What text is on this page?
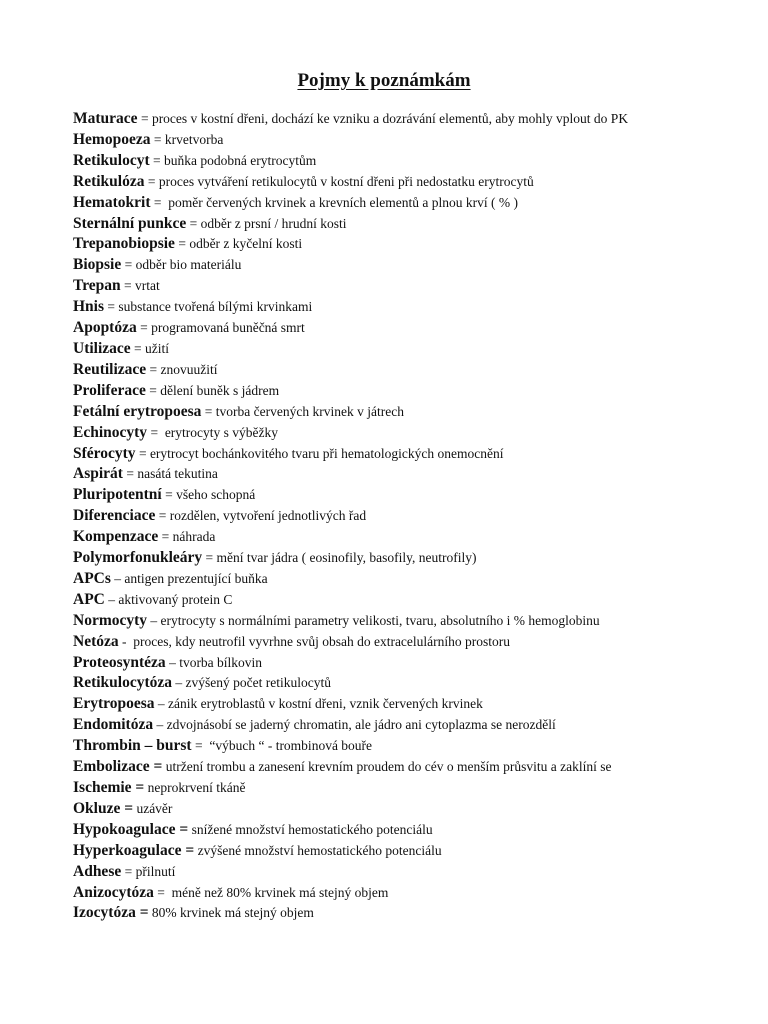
Pojmy k poznámkám
Maturace = proces v kostní dřeni, dochází ke vzniku a dozrávání elementů, aby mohly vplout do PK
Hemopoeza = krvetvorba
Retikulocyt = buňka podobná erytrocytům
Retikulóza = proces vytváření retikulocytů v kostní dřeni při nedostatku erytrocytů
Hematokrit =  poměr červených krvinek a krevních elementů a plnou krví ( % )
Sternální punkce = odběr z prsní / hrudní kosti
Trepanobiopsie = odběr z kyčelní kosti
Biopsie = odběr bio materiálu
Trepan = vrtat
Hnis = substance tvořená bílými krvinkami
Apoptóza = programovaná buněčná smrt
Utilizace = užití
Reutilizace = znovuužití
Proliferace = dělení buněk s jádrem
Fetální erytropoesa = tvorba červených krvinek v játrech
Echinocyty =  erytrocyty s výběžky
Sférocyty = erytrocyt bochánkovitého tvaru při hematologických onemocnění
Aspirát = nasátá tekutina
Pluripotentní = všeho schopná
Diferenciace = rozdělen, vytvoření jednotlivých řad
Kompenzace = náhrada
Polymorfonukleáry = mění tvar jádra ( eosinofily, basofily, neutrofily)
APCs – antigen prezentující buňka
APC – aktivovaný protein C
Normocyty – erytrocyty s normálními parametry velikosti, tvaru, absolutního i % hemoglobinu
Netóza -  proces, kdy neutrofil vyvrhne svůj obsah do extracelulárního prostoru
Proteosyntéza – tvorba bílkovin
Retikulocytóza – zvýšený počet retikulocytů
Erytropoesa – zánik erytroblastů v kostní dřeni, vznik červených krvinek
Endomitóza – zdvojnásobí se jaderný chromatin, ale jádro ani cytoplazma se nerozdělí
Thrombin – burst =  “výbuch “ - trombinová bouře
Embolizace = utržení trombu a zanesení krevním proudem do cév o menším průsvitu a zaklíní se
Ischemie = neprokrvení tkáně
Okluze = uzávěr
Hypokoagulace = snížené množství hemostatického potenciálu
Hyperkoagulace = zvýšené množství hemostatického potenciálu
Adhese = přilnutí
Anizocytóza =  méně než 80% krvinek má stejný objem
Izocytóza = 80% krvinek má stejný objem
